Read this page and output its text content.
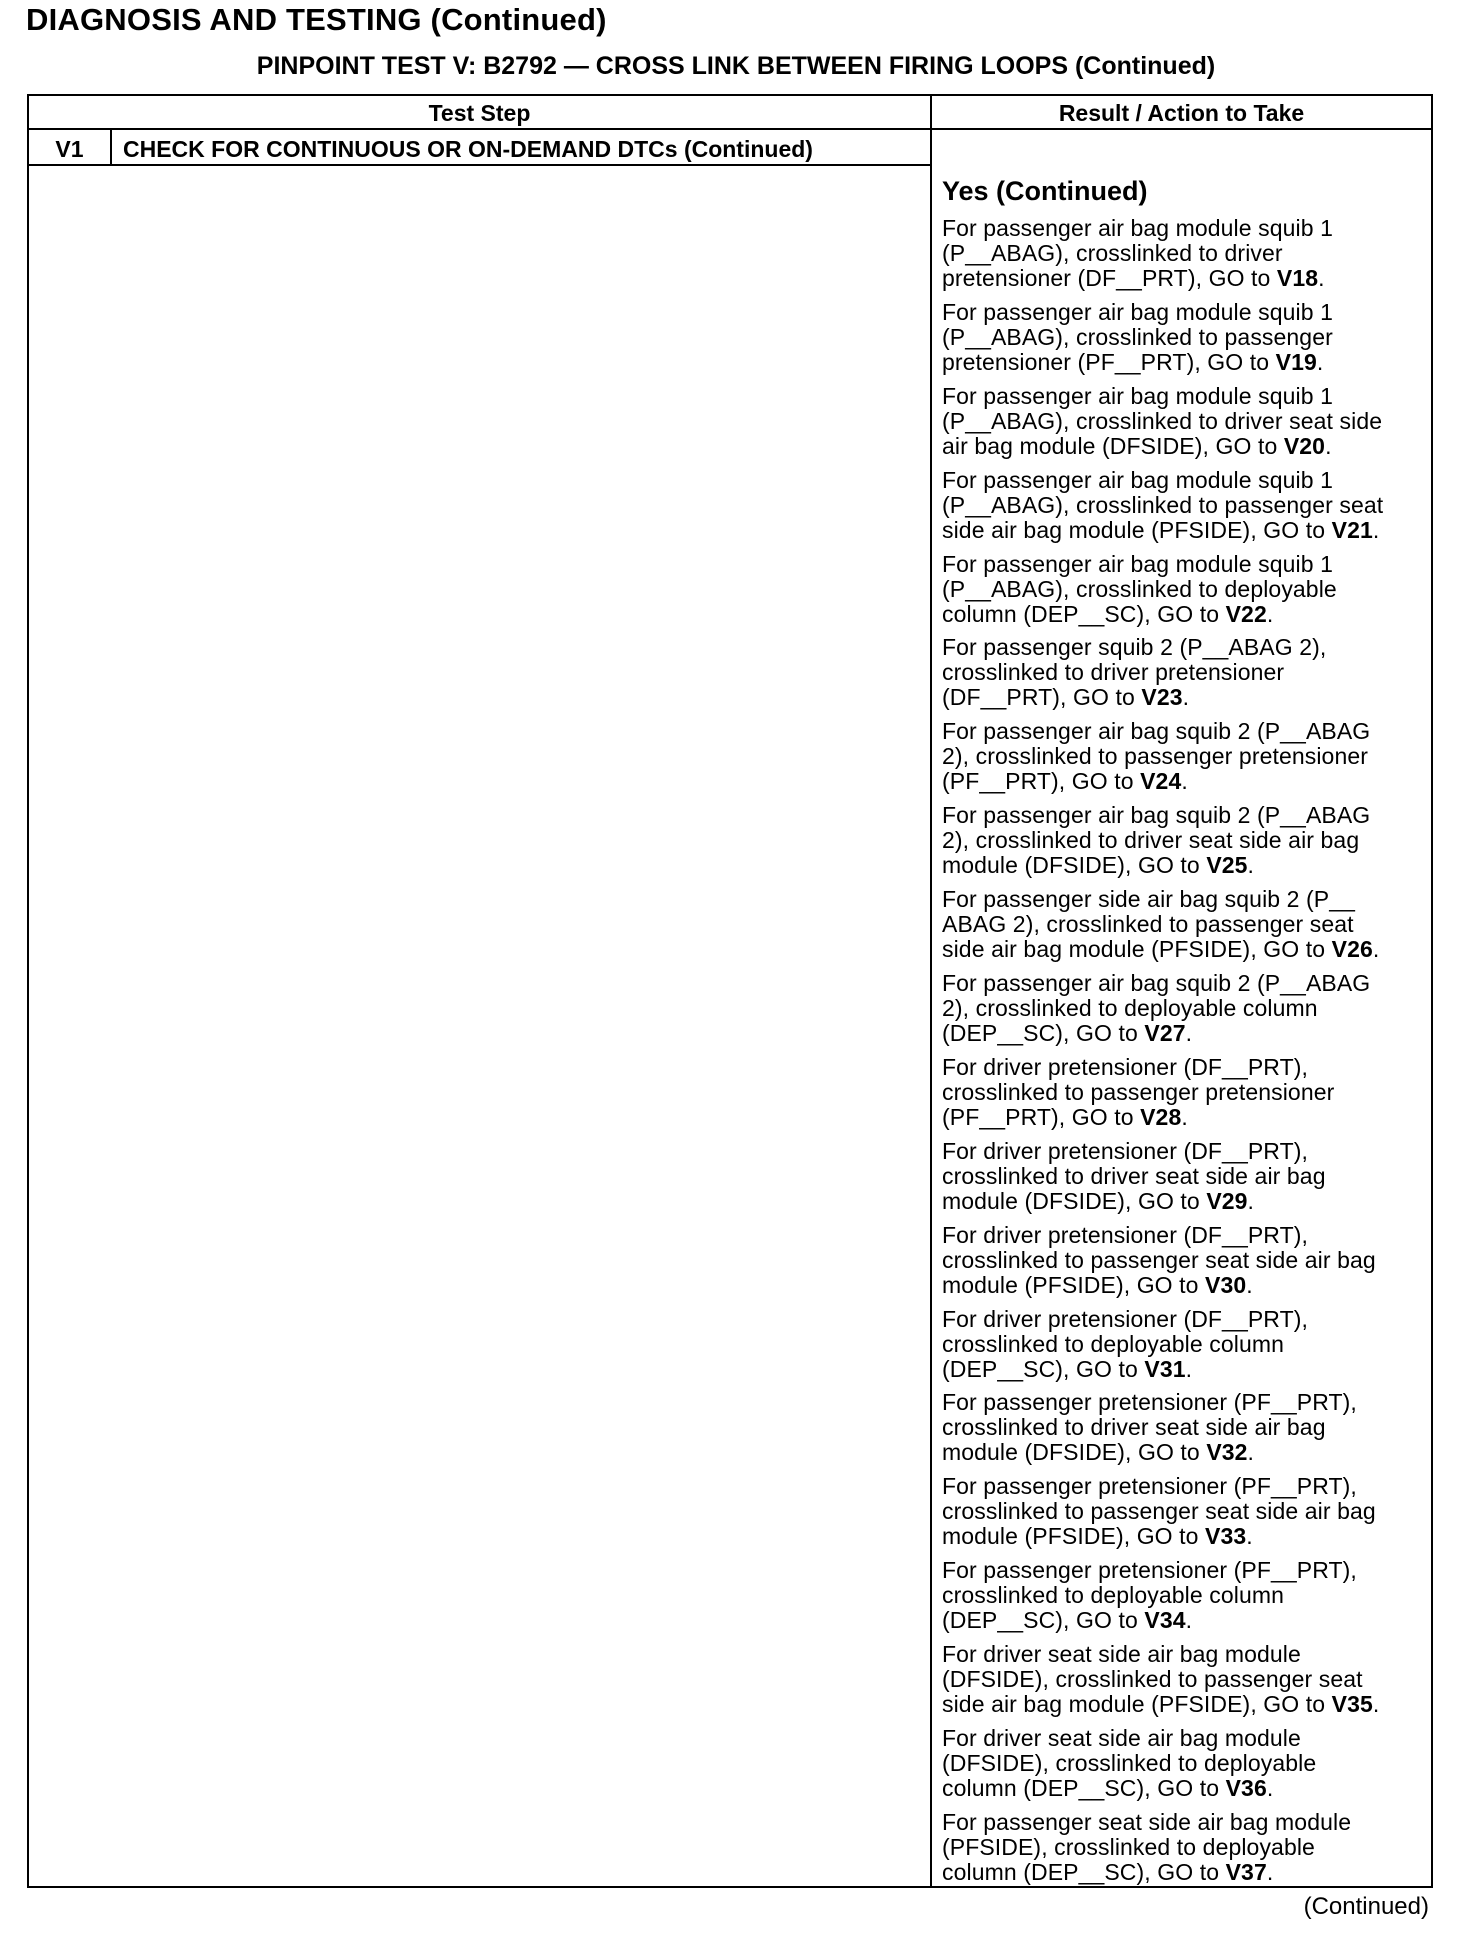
DIAGNOSIS AND TESTING (Continued)
PINPOINT TEST V: B2792 — CROSS LINK BETWEEN FIRING LOOPS (Continued)
Test Step	Result / Action to Take
V1	CHECK FOR CONTINUOUS OR ON-DEMAND DTCs (Continued)
Yes (Continued)
For passenger air bag module squib 1
(P__ABAG), crosslinked to driver
pretensioner (DF__PRT), GO to V18.
For passenger air bag module squib 1
(P__ABAG), crosslinked to passenger
pretensioner (PF__PRT), GO to V19.
For passenger air bag module squib 1
(P__ABAG), crosslinked to driver seat side
air bag module (DFSIDE), GO to V20.
For passenger air bag module squib 1
(P__ABAG), crosslinked to passenger seat
side air bag module (PFSIDE), GO to V21.
For passenger air bag module squib 1
(P__ABAG), crosslinked to deployable
column (DEP__SC), GO to V22.
For passenger squib 2 (P__ABAG 2),
crosslinked to driver pretensioner
(DF__PRT), GO to V23.
For passenger air bag squib 2 (P__ABAG
2), crosslinked to passenger pretensioner
(PF__PRT), GO to V24.
For passenger air bag squib 2 (P__ABAG
2), crosslinked to driver seat side air bag
module (DFSIDE), GO to V25.
For passenger side air bag squib 2 (P__
ABAG 2), crosslinked to passenger seat
side air bag module (PFSIDE), GO to V26.
For passenger air bag squib 2 (P__ABAG
2), crosslinked to deployable column
(DEP__SC), GO to V27.
For driver pretensioner (DF__PRT),
crosslinked to passenger pretensioner
(PF__PRT), GO to V28.
For driver pretensioner (DF__PRT),
crosslinked to driver seat side air bag
module (DFSIDE), GO to V29.
For driver pretensioner (DF__PRT),
crosslinked to passenger seat side air bag
module (PFSIDE), GO to V30.
For driver pretensioner (DF__PRT),
crosslinked to deployable column
(DEP__SC), GO to V31.
For passenger pretensioner (PF__PRT),
crosslinked to driver seat side air bag
module (DFSIDE), GO to V32.
For passenger pretensioner (PF__PRT),
crosslinked to passenger seat side air bag
module (PFSIDE), GO to V33.
For passenger pretensioner (PF__PRT),
crosslinked to deployable column
(DEP__SC), GO to V34.
For driver seat side air bag module
(DFSIDE), crosslinked to passenger seat
side air bag module (PFSIDE), GO to V35.
For driver seat side air bag module
(DFSIDE), crosslinked to deployable
column (DEP__SC), GO to V36.
For passenger seat side air bag module
(PFSIDE), crosslinked to deployable
column (DEP__SC), GO to V37.
(Continued)
